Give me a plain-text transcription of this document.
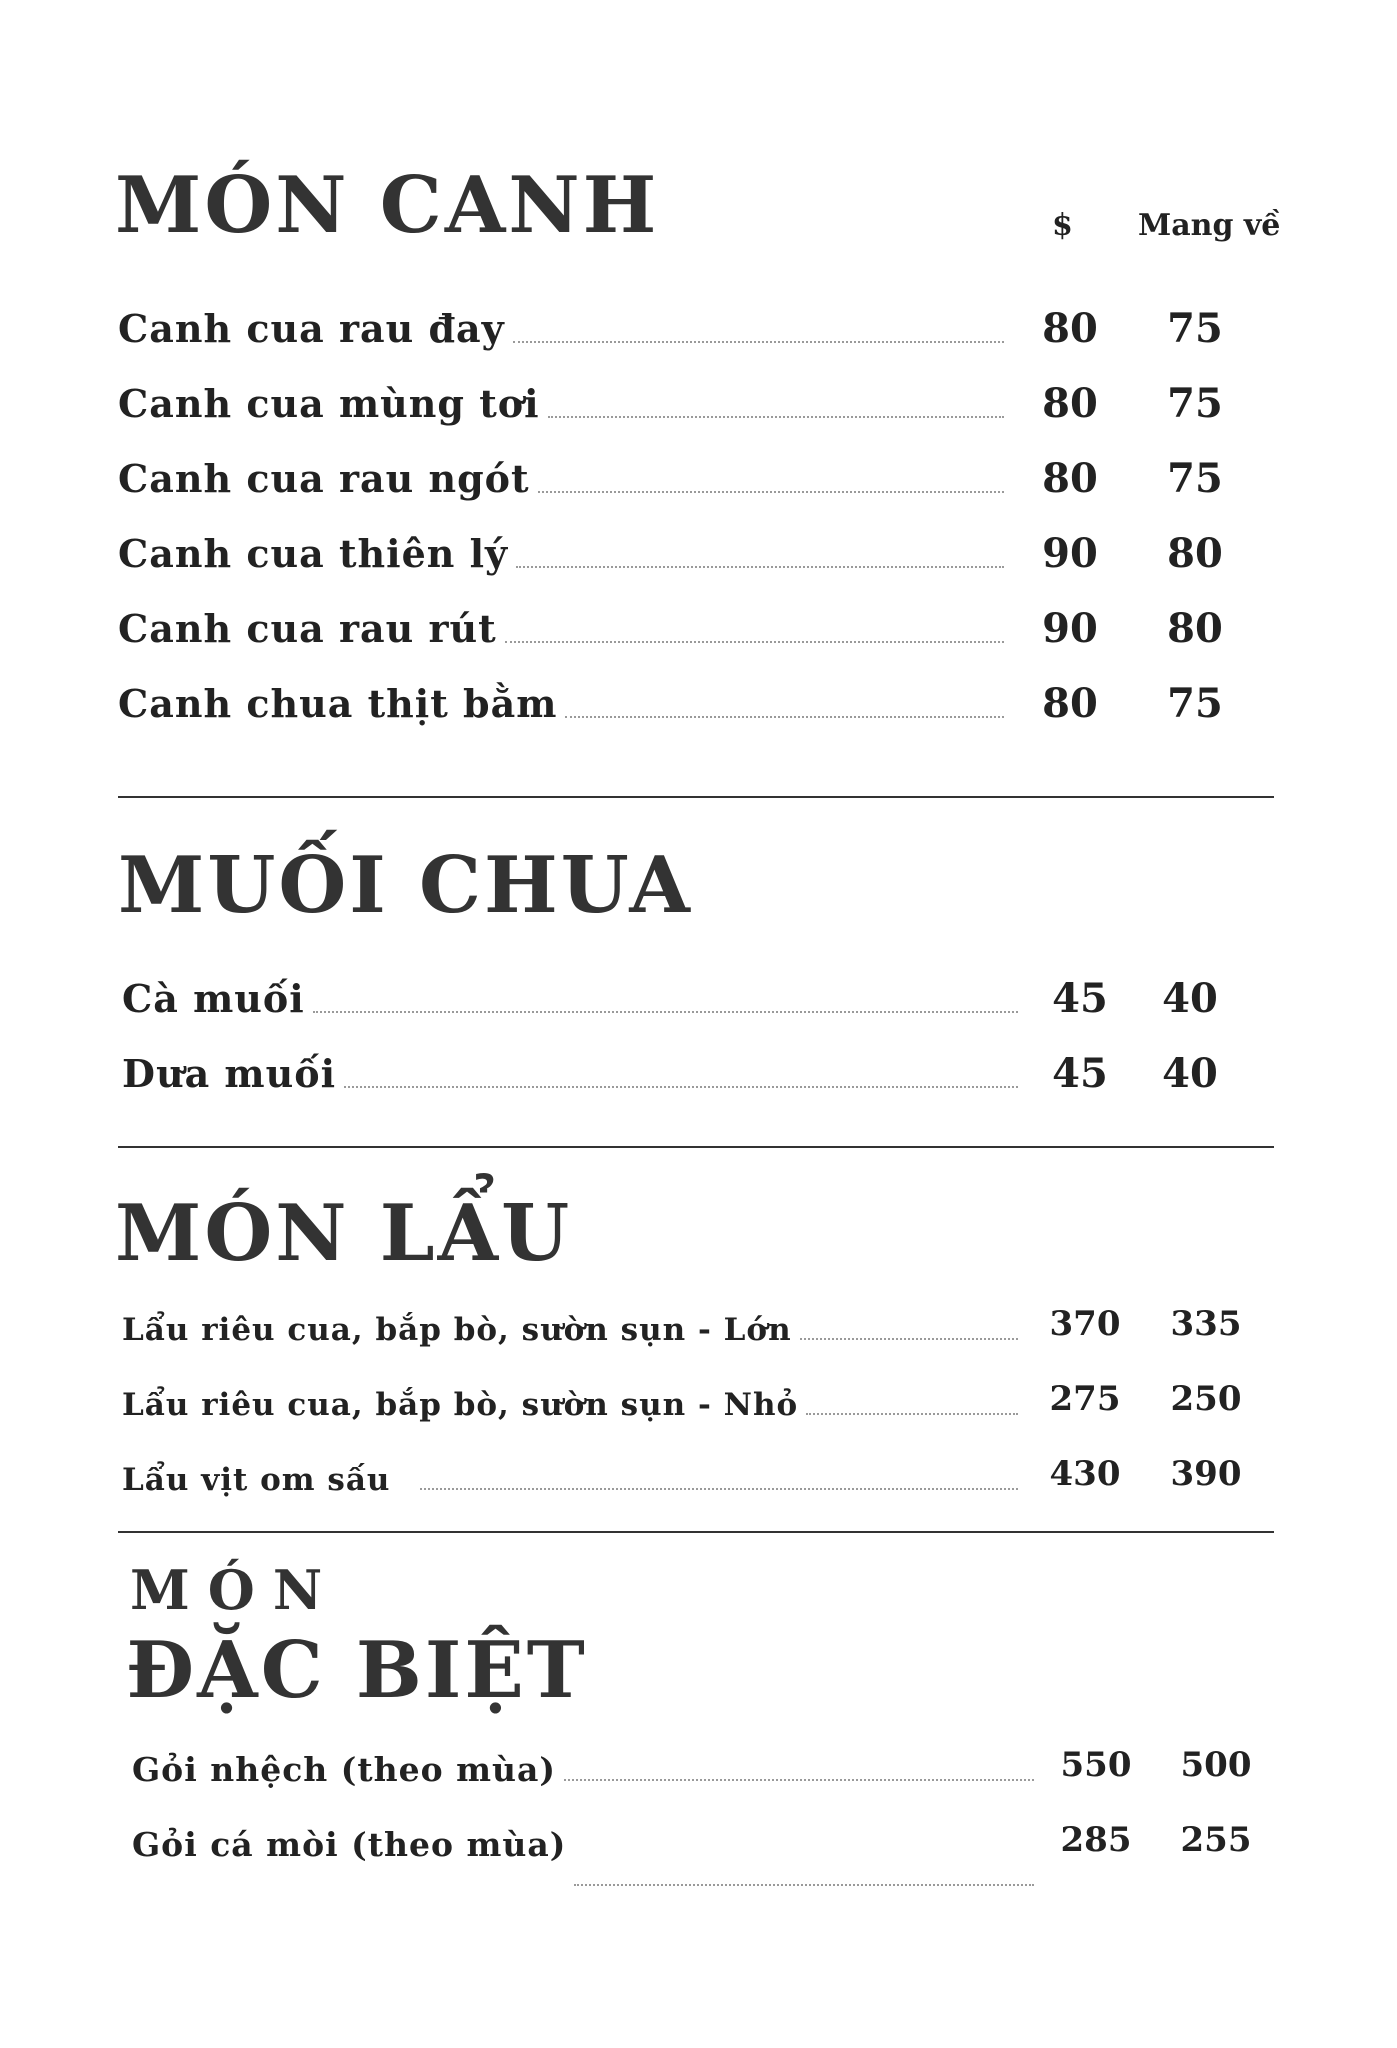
MÓN CANH	$ Mang về
Canh cua rau đay	80	75
Canh cua mùng tơi	80	75
Canh cua rau ngót	80	75
Canh cua thiên lý	90	80
Canh cua rau rút	90	80
Canh chua thịt bằm	80	75
MUỐI CHUA
Cà muối	45	40
Dưa muối	45	40
MÓN LẨU
Lẩu riêu cua, bắp bò, sườn sụn - Lớn	370	335
Lẩu riêu cua, bắp bò, sườn sụn - Nhỏ	275	250
Lẩu vịt om sấu	430	390
MÓN
ĐẶC BIỆT
Gỏi nhệch (theo mùa)	550	500
Gỏi cá mòi (theo mùa)	285	255
